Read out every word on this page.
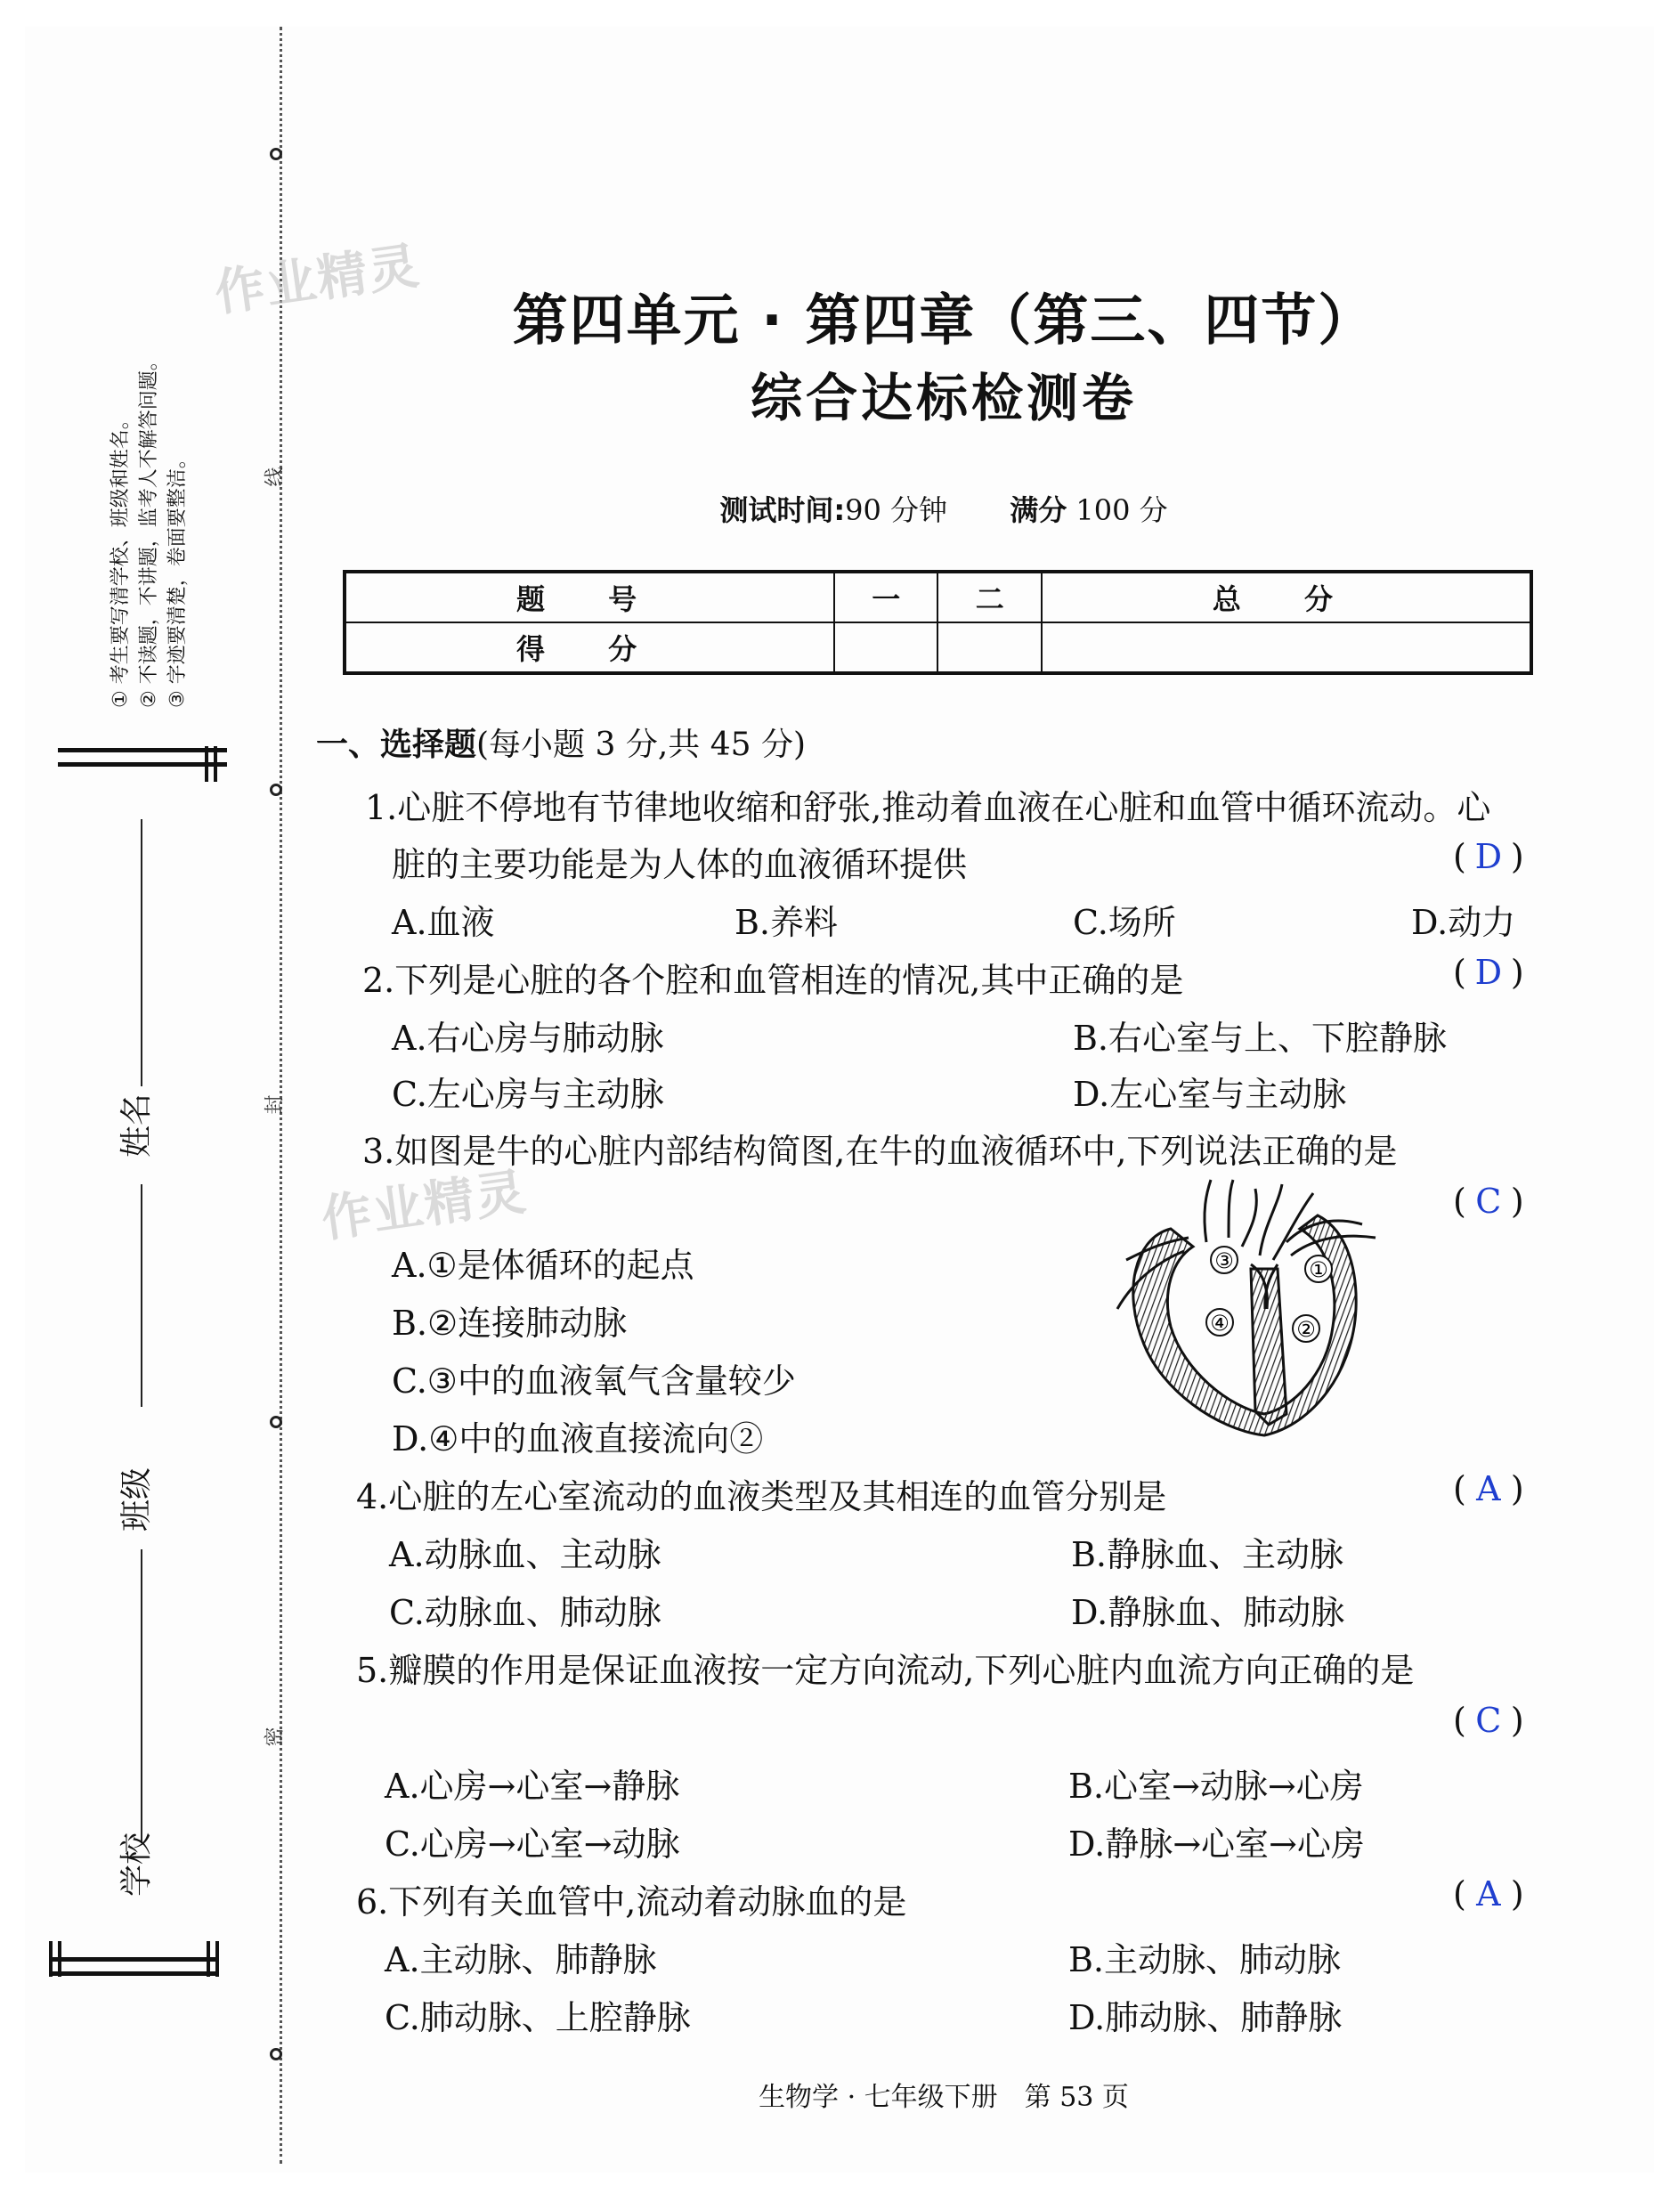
线
封
密
① 考生要写清学校、班级和姓名。 ② 不读题，不讲题，监考人不解答问题。 ③ 字迹要清楚，卷面要整洁。
姓名
班级
学校
作业精灵
作业精灵
第四单元 · 第四章（第三、四节）
综合达标检测卷
测试时间:90 分钟 满分 100 分
题 号	一	二	总 分
得 分			
一、选择题(每小题 3 分,共 45 分)
1.心脏不停地有节律地收缩和舒张,推动着血液在心脏和血管中循环流动。心
脏的主要功能是为人体的血液循环提供	( D )
A.血液	B.养料	C.场所	D.动力
2.下列是心脏的各个腔和血管相连的情况,其中正确的是	( D )
A.右心房与肺动脉	B.右心室与上、下腔静脉
C.左心房与主动脉	D.左心室与主动脉
3.如图是牛的心脏内部结构简图,在牛的血液循环中,下列说法正确的是
( C )
A.①是体循环的起点
B.②连接肺动脉
C.③中的血液氧气含量较少
D.④中的血液直接流向②
③	①
④	②
4.心脏的左心室流动的血液类型及其相连的血管分别是	( A )
A.动脉血、主动脉	B.静脉血、主动脉
C.动脉血、肺动脉	D.静脉血、肺动脉
5.瓣膜的作用是保证血液按一定方向流动,下列心脏内血流方向正确的是
( C )
A.心房→心室→静脉	B.心室→动脉→心房
C.心房→心室→动脉	D.静脉→心室→心房
6.下列有关血管中,流动着动脉血的是	( A )
A.主动脉、肺静脉	B.主动脉、肺动脉
C.肺动脉、上腔静脉	D.肺动脉、肺静脉
生物学 · 七年级下册　第 53 页
